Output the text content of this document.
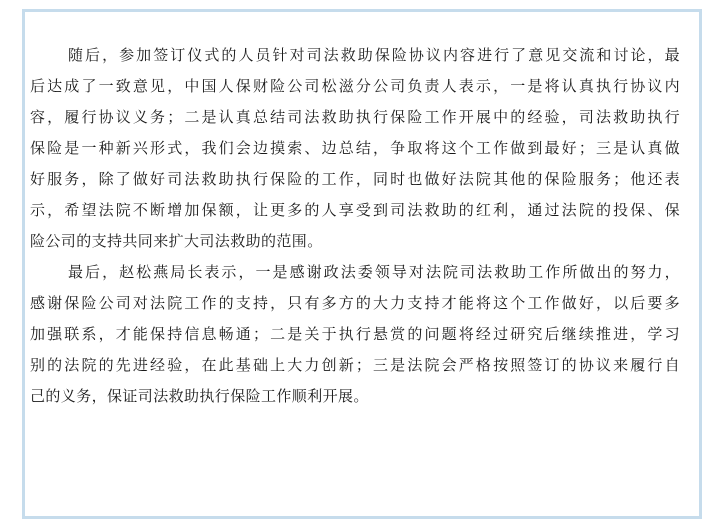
随后，参加签订仪式的人员针对司法救助保险协议内容进行了意见交流和讨论，最
后达成了一致意见，中国人保财险公司松滋分公司负责人表示，一是将认真执行协议内
容，履行协议义务；二是认真总结司法救助执行保险工作开展中的经验，司法救助执行
保险是一种新兴形式，我们会边摸索、边总结，争取将这个工作做到最好；三是认真做
好服务，除了做好司法救助执行保险的工作，同时也做好法院其他的保险服务；他还表
示，希望法院不断增加保额，让更多的人享受到司法救助的红利，通过法院的投保、保
险公司的支持共同来扩大司法救助的范围。
最后，赵松燕局长表示，一是感谢政法委领导对法院司法救助工作所做出的努力，
感谢保险公司对法院工作的支持，只有多方的大力支持才能将这个工作做好，以后要多
加强联系，才能保持信息畅通；二是关于执行悬赏的问题将经过研究后继续推进，学习
别的法院的先进经验，在此基础上大力创新；三是法院会严格按照签订的协议来履行自
己的义务，保证司法救助执行保险工作顺利开展。
